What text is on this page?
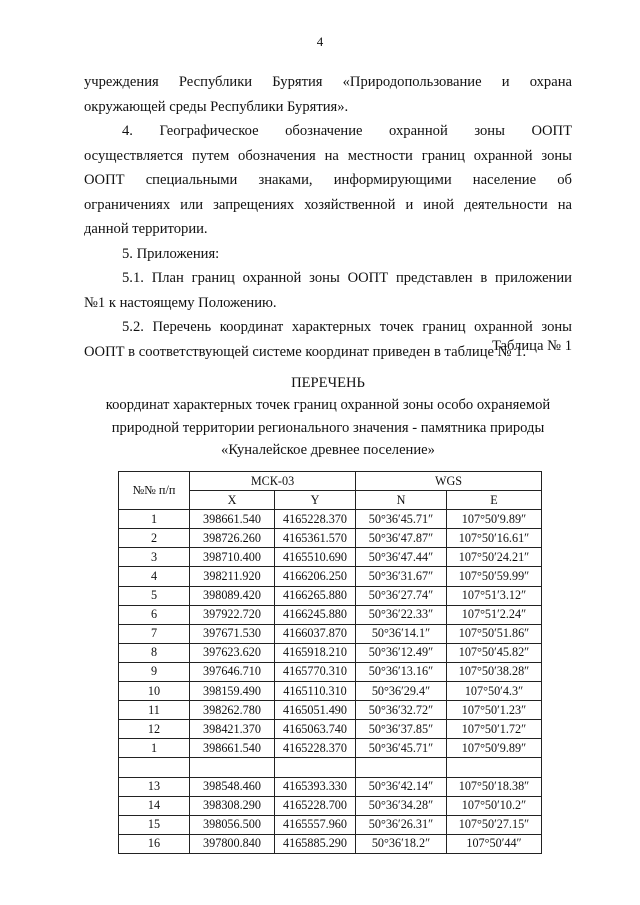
4
учреждения Республики Бурятия «Природопользование и охрана
окружающей среды Республики Бурятия».
4. Географическое обозначение охранной зоны ООПТ
осуществляется путем обозначения на местности границ охранной зоны
ООПТ специальными знаками, информирующими население об
ограничениях или запрещениях хозяйственной и иной деятельности на
данной территории.
5. Приложения:
5.1. План границ охранной зоны ООПТ представлен в приложении
№1 к настоящему Положению.
5.2. Перечень координат характерных точек границ охранной зоны
ООПТ в соответствующей системе координат приведен в таблице № 1.
Таблица № 1
ПЕРЕЧЕНЬ
координат характерных точек границ охранной зоны особо охраняемой
природной территории регионального значения - памятника природы
«Куналейское древнее поселение»
№№ п/п	МСК-03		WGS	
	X	Y	N	E
1	398661.540	4165228.370	50°36′45.71″	107°50′9.89″
2	398726.260	4165361.570	50°36′47.87″	107°50′16.61″
3	398710.400	4165510.690	50°36′47.44″	107°50′24.21″
4	398211.920	4166206.250	50°36′31.67″	107°50′59.99″
5	398089.420	4166265.880	50°36′27.74″	107°51′3.12″
6	397922.720	4166245.880	50°36′22.33″	107°51′2.24″
7	397671.530	4166037.870	50°36′14.1″	107°50′51.86″
8	397623.620	4165918.210	50°36′12.49″	107°50′45.82″
9	397646.710	4165770.310	50°36′13.16″	107°50′38.28″
10	398159.490	4165110.310	50°36′29.4″	107°50′4.3″
11	398262.780	4165051.490	50°36′32.72″	107°50′1.23″
12	398421.370	4165063.740	50°36′37.85″	107°50′1.72″
1	398661.540	4165228.370	50°36′45.71″	107°50′9.89″

13	398548.460	4165393.330	50°36′42.14″	107°50′18.38″
14	398308.290	4165228.700	50°36′34.28″	107°50′10.2″
15	398056.500	4165557.960	50°36′26.31″	107°50′27.15″
16	397800.840	4165885.290	50°36′18.2″	107°50′44″
